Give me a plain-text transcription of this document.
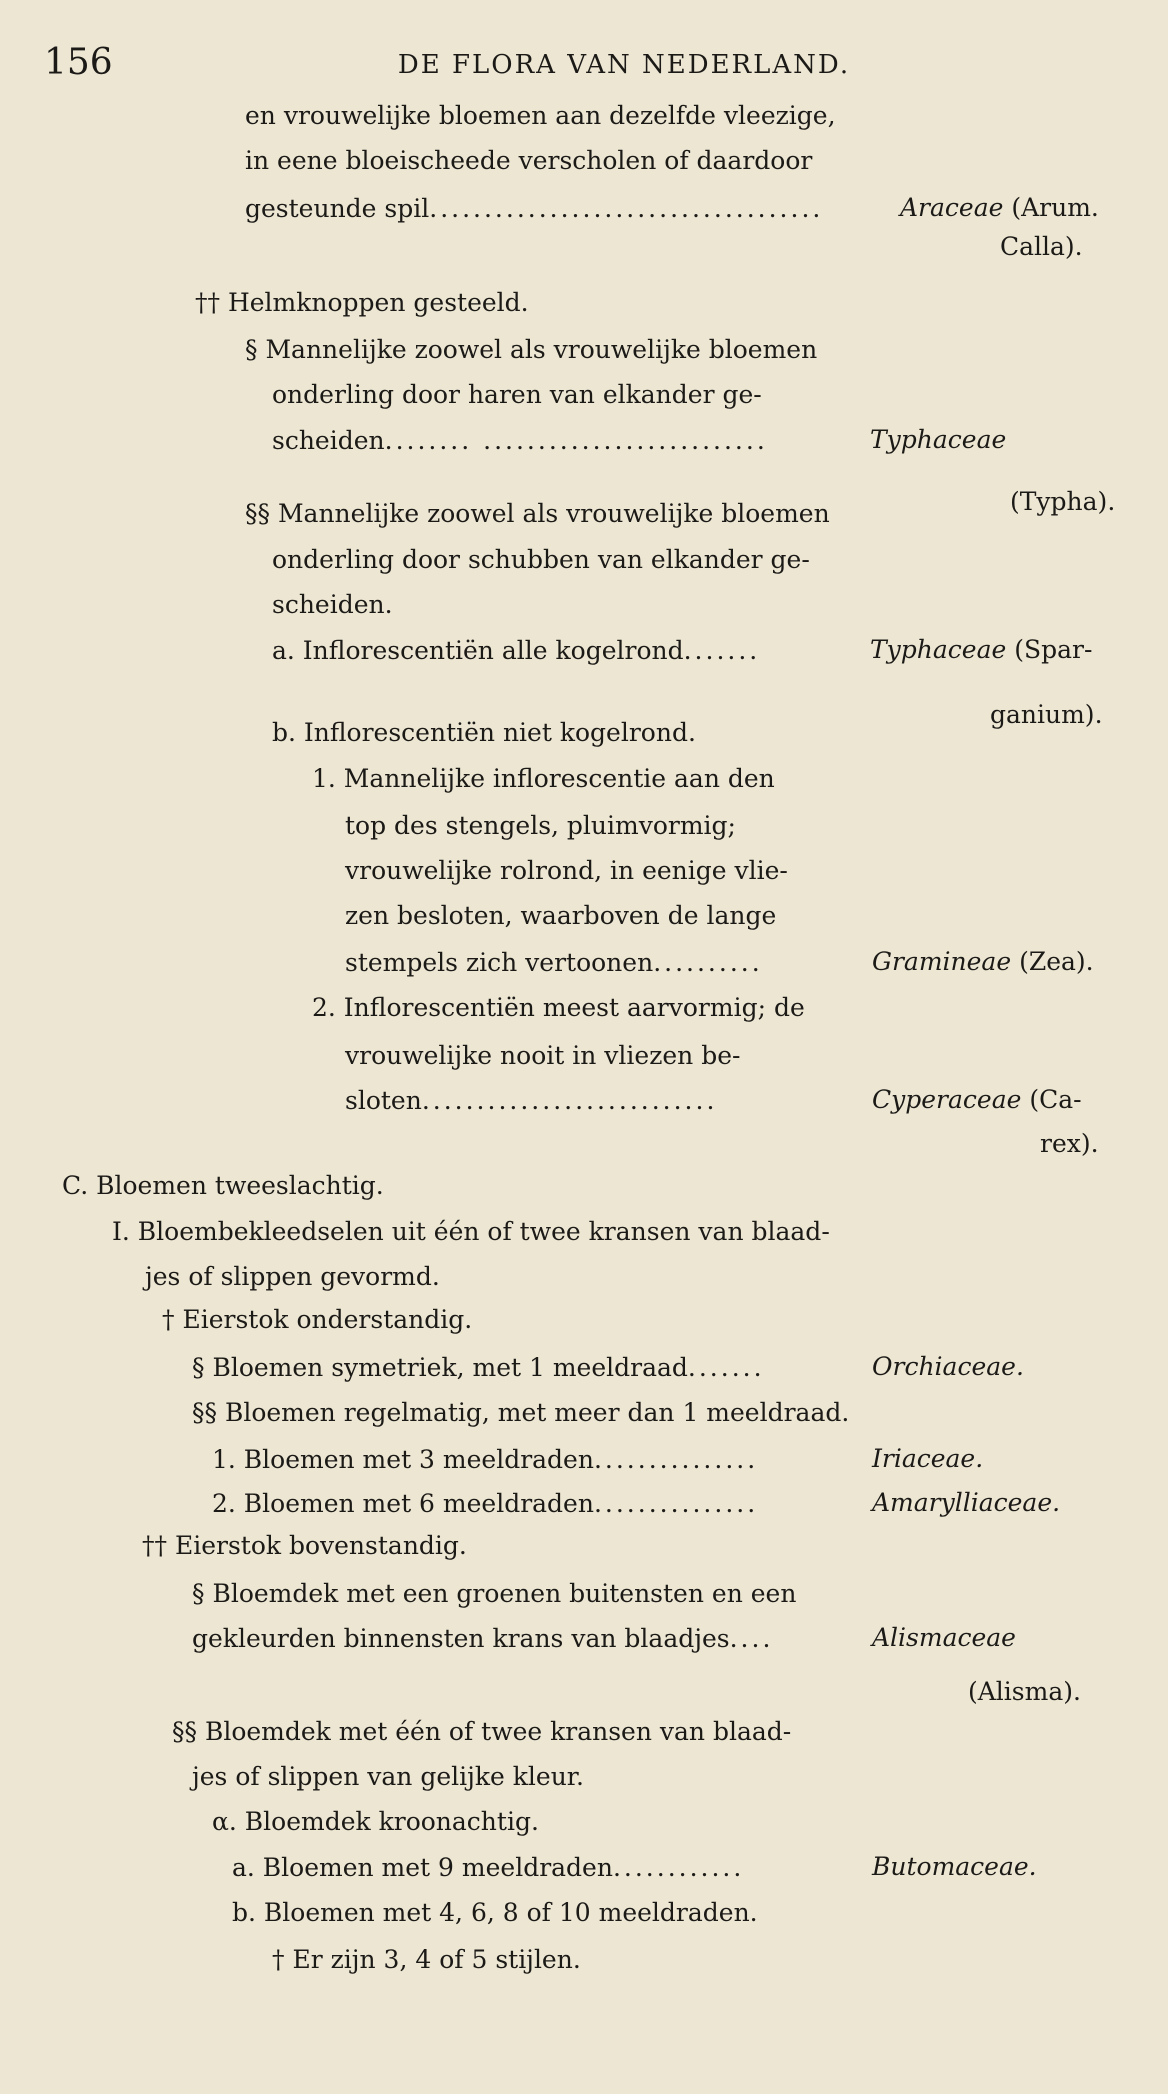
156	DE FLORA VAN NEDERLAND.
en vrouwelijke bloemen aan dezelfde vleezige,
in eene bloeischeede verscholen of daardoor
gesteunde spil....................................	Araceae (Arum.
Calla).
†† Helmknoppen gesteeld.
§ Mannelijke zoowel als vrouwelijke bloemen
onderling door haren van elkander ge-
scheiden........ ..........................	Typhaceae
(Typha).
§§ Mannelijke zoowel als vrouwelijke bloemen
onderling door schubben van elkander ge-
scheiden.
a. Inflorescentiën alle kogelrond.......	Typhaceae (Spar-
ganium).
b. Inflorescentiën niet kogelrond.
1. Mannelijke inflorescentie aan den
top des stengels, pluimvormig;
vrouwelijke rolrond, in eenige vlie-
zen besloten, waarboven de lange
stempels zich vertoonen..........	Gramineae (Zea).
2. Inflorescentiën meest aarvormig; de
vrouwelijke nooit in vliezen be-
sloten...........................	Cyperaceae (Ca-
rex).
C. Bloemen tweeslachtig.
I. Bloembekleedselen uit één of twee kransen van blaad-
jes of slippen gevormd.
† Eierstok onderstandig.
§ Bloemen symetriek, met 1 meeldraad.......	Orchiaceae.
§§ Bloemen regelmatig, met meer dan 1 meeldraad.
1. Bloemen met 3 meeldraden...............	Iriaceae.
2. Bloemen met 6 meeldraden...............	Amarylliaceae.
†† Eierstok bovenstandig.
§ Bloemdek met een groenen buitensten en een
gekleurden binnensten krans van blaadjes....	Alismaceae
(Alisma).
§§ Bloemdek met één of twee kransen van blaad-
jes of slippen van gelijke kleur.
α. Bloemdek kroonachtig.
a. Bloemen met 9 meeldraden............	Butomaceae.
b. Bloemen met 4, 6, 8 of 10 meeldraden.
† Er zijn 3, 4 of 5 stijlen.
